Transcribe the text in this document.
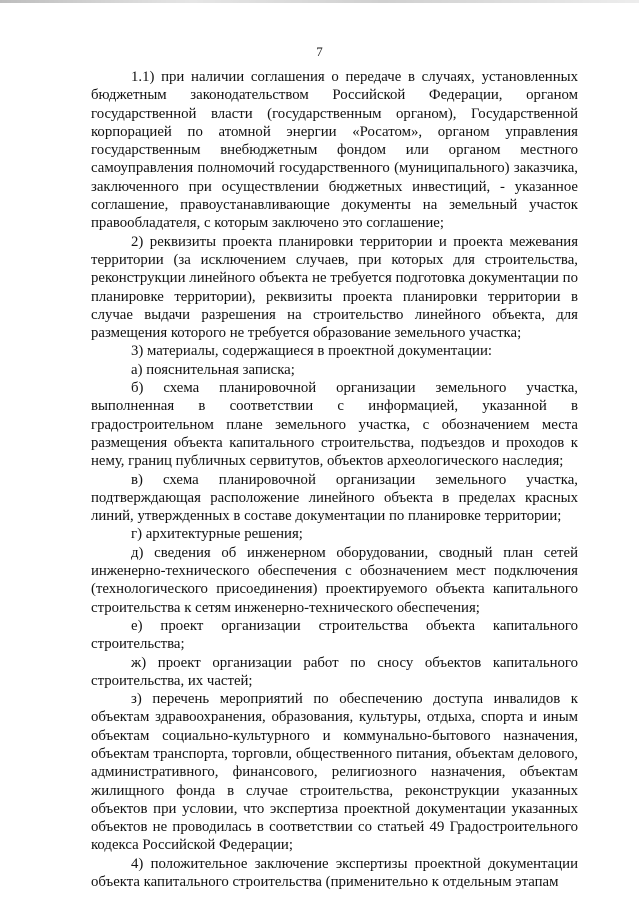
7

1.1) при наличии соглашения о передаче в случаях, установленных бюджетным законодательством Российской Федерации, органом государственной власти (государственным органом), Государственной корпорацией по атомной энергии «Росатом», органом управления государственным внебюджетным фондом или органом местного самоуправления полномочий государственного (муниципального) заказчика, заключенного при осуществлении бюджетных инвестиций, - указанное соглашение, правоустанавливающие документы на земельный участок правообладателя, с которым заключено это соглашение;

2) реквизиты проекта планировки территории и проекта межевания территории (за исключением случаев, при которых для строительства, реконструкции линейного объекта не требуется подготовка документации по планировке территории), реквизиты проекта планировки территории в случае выдачи разрешения на строительство линейного объекта, для размещения которого не требуется образование земельного участка;

3) материалы, содержащиеся в проектной документации:

а) пояснительная записка;

б) схема планировочной организации земельного участка, выполненная в соответствии с информацией, указанной в градостроительном плане земельного участка, с обозначением места размещения объекта капитального строительства, подъездов и проходов к нему, границ публичных сервитутов, объектов археологического наследия;

в) схема планировочной организации земельного участка, подтверждающая расположение линейного объекта в пределах красных линий, утвержденных в составе документации по планировке территории;

г) архитектурные решения;

д) сведения об инженерном оборудовании, сводный план сетей инженерно-технического обеспечения с обозначением мест подключения (технологического присоединения) проектируемого объекта капитального строительства к сетям инженерно-технического обеспечения;

е) проект организации строительства объекта капитального строительства;

ж) проект организации работ по сносу объектов капитального строительства, их частей;

з) перечень мероприятий по обеспечению доступа инвалидов к объектам здравоохранения, образования, культуры, отдыха, спорта и иным объектам социально-культурного и коммунально-бытового назначения, объектам транспорта, торговли, общественного питания, объектам делового, административного, финансового, религиозного назначения, объектам жилищного фонда в случае строительства, реконструкции указанных объектов при условии, что экспертиза проектной документации указанных объектов не проводилась в соответствии со статьей 49 Градостроительного кодекса Российской Федерации;

4) положительное заключение экспертизы проектной документации объекта капитального строительства (применительно к отдельным этапам
